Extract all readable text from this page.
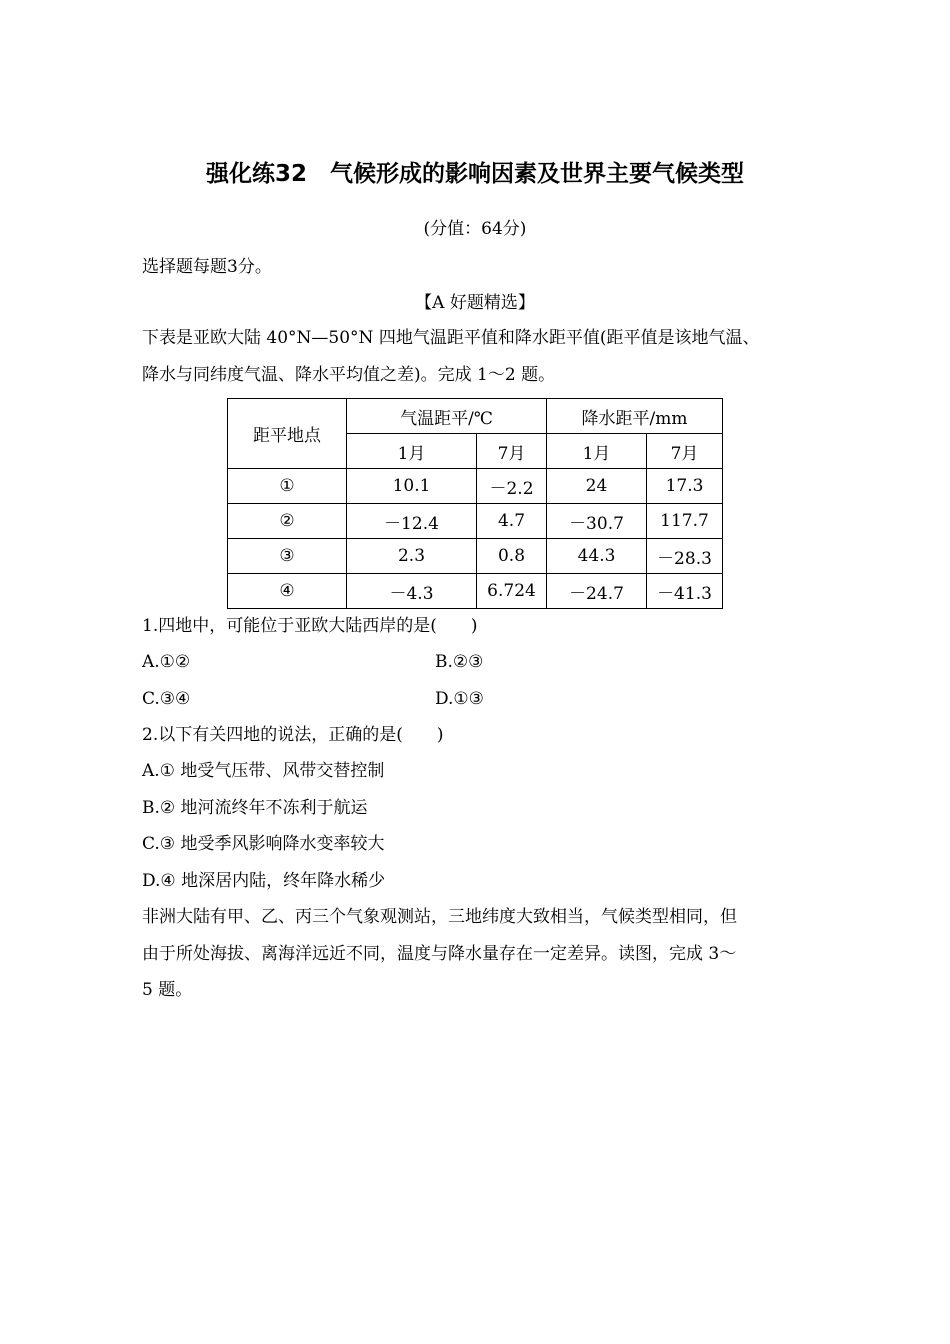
强化练32　气候形成的影响因素及世界主要气候类型
(分值：64分)
选择题每题3分。
【A 好题精选】
下表是亚欧大陆 40°N—50°N 四地气温距平值和降水距平值(距平值是该地气温、
降水与同纬度气温、降水平均值之差)。完成 1～2 题。
距平地点	气温距平/℃		降水距平/mm	
	1月	7月	1月	7月
①	10.1	－2.2	24	17.3
②	－12.4	4.7	－30.7	117.7
③	2.3	0.8	44.3	－28.3
④	－4.3	6.724	－24.7	－41.3
1.四地中，可能位于亚欧大陆西岸的是(　　)
A.①②	B.②③
C.③④	D.①③
2.以下有关四地的说法，正确的是(　　)
A.① 地受气压带、风带交替控制
B.② 地河流终年不冻利于航运
C.③ 地受季风影响降水变率较大
D.④ 地深居内陆，终年降水稀少
非洲大陆有甲、乙、丙三个气象观测站，三地纬度大致相当，气候类型相同，但
由于所处海拔、离海洋远近不同，温度与降水量存在一定差异。读图，完成 3～
5 题。
